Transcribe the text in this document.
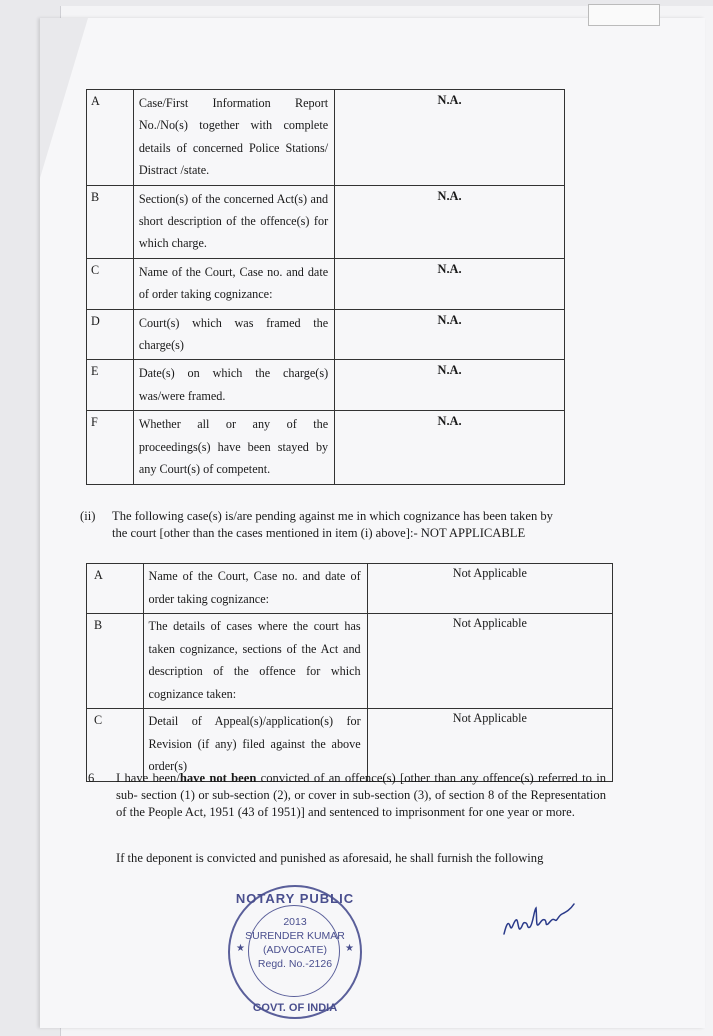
A	Case/First Information Report No./No(s) together with complete details of concerned Police Stations/ Distract /state.	N.A.
B	Section(s) of the concerned Act(s) and short description of the offence(s) for which charge.	N.A.
C	Name of the Court, Case no. and date of order taking cognizance:	N.A.
D	Court(s) which was framed the charge(s)	N.A.
E	Date(s) on which the charge(s) was/were framed.	N.A.
F	Whether all or any of the proceedings(s) have been stayed by any Court(s) of competent.	N.A.
(ii) The following case(s) is/are pending against me in which cognizance has been taken by
the court [other than the cases mentioned in item (i) above]:- NOT APPLICABLE
A	Name of the Court, Case no. and date of order taking cognizance:	Not Applicable
B	The details of cases where the court has taken cognizance, sections of the Act and description of the offence for which cognizance taken:	Not Applicable
C	Detail of Appeal(s)/application(s) for Revision (if any) filed against the above order(s)	Not Applicable
6 I have been/have not been convicted of an offence(s) [other than any offence(s) referred to in sub- section (1) or sub-section (2), or cover in sub-section (3), of section 8 of the Representation of the People Act, 1951 (43 of 1951)] and sentenced to imprisonment for one year or more.
If the deponent is convicted and punished as aforesaid, he shall furnish the following
NOTARY PUBLIC
2013
SURENDER KUMAR
(ADVOCATE)
Regd. No.-2126
★	★
GOVT. OF INDIA
